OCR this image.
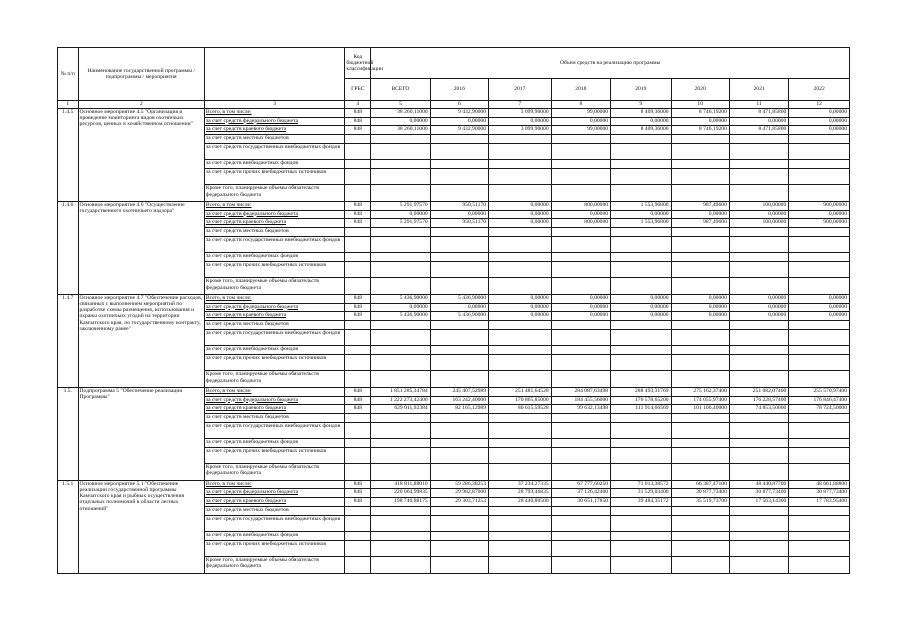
№ п/п	Наименование государственной программы / подпрограммы / мероприятия		Код бюджетной классификации	Объем средств на реализацию программы							
			ГРБС	ВСЕГО	2016	2017	2018	2019	2020	2021	2022
1	2	3	4	5	6	7	8	9	10	11	12
1.4.5	Основное мероприятие 4.5 "Организация и проведение мониторинга видов охотничьих ресурсов, ценных в хозяйственном отношении"	Всего, в том числе:	848	38 260,11000	9 432,90000	3 099,90000	99,00000	8 409,36000	8 746,19200	8 471,85800	0,00000
		за счет средств федерального бюджета	848	0,00000	0,00000	0,00000	0,00000	0,00000	0,00000	0,00000	0,00000
		за счет средств краевого бюджета	848	38 260,11000	9 432,90000	3 099,90000	99,00000	8 409,36000	8 746,19200	8 471,85800	0,00000
		за счет средств местных бюджетов									
		за счет средств государственных внебюджетных фондов									
		за счет средств внебюджетных фондов									
		за счет средств прочих внебюджетных источников									
		Кроме того, планируемые объемы обязательств федерального бюджета									
1.4.6	Основное мероприятие 4.6 "Осуществление государственного охотничьего надзора"	Всего, в том числе:	848	5 291,97570	950,51170	0,00000	800,00000	1 553,96800	987,49600	100,00000	900,00000
		за счет средств федерального бюджета	848	0,00000	0,00000	0,00000	0,00000	0,00000	0,00000	0,00000	0,00000
		за счет средств краевого бюджета	848	5 291,97570	950,51170	0,00000	800,00000	1 553,96800	987,49600	100,00000	900,00000
		за счет средств местных бюджетов									
		за счет средств государственных внебюджетных фондов									
		за счет средств внебюджетных фондов									
		за счет средств прочих внебюджетных источников									
		Кроме того, планируемые объемы обязательств федерального бюджета									
1.4.7	Основное мероприятие 4.7 "Обеспечение расходов, связанных с выполнением мероприятий по разработке схемы размещения, использования и охраны охотничьих угодий на территории Камчатского края, по государственному контракту, заключенному ранее"	Всего, в том числе:	848	5 436,90000	5 436,90000	0,00000	0,00000	0,00000	0,00000	0,00000	0,00000
		за счет средств федерального бюджета	848	0,00000	0,00000	0,00000	0,00000	0,00000	0,00000	0,00000	0,00000
		за счет средств краевого бюджета	848	5 436,90000	5 436,90000	0,00000	0,00000	0,00000	0,00000	0,00000	0,00000
		за счет средств местных бюджетов									
		за счет средств государственных внебюджетных фондов									
		за счет средств внебюджетных фондов									
		за счет средств прочих внебюджетных источников									
		Кроме того, планируемые объемы обязательств федерального бюджета									
1.5.	Подпрограмма 5 "Обеспечение реализации Программы"	Всего, в том числе:	848	1 851 285,34784	245 407,52989	251 481,64528	284 087,63498	288 493,31769	275 162,37400	251 082,07400	255 570,97400
		за счет средств федерального бюджета	848	1 222 273,42400	163 242,40000	170 865,85000	184 455,56000	176 578,65200	174 055,97400	176 228,57400	176 846,47400
		за счет средств краевого бюджета	848	629 011,92384	82 165,12989	80 615,59528	99 632,13498	111 914,66569	101 106,40000	74 853,50000	78 724,50000
		за счет средств местных бюджетов									
		за счет средств государственных внебюджетных фондов									
		за счет средств внебюджетных фондов									
		за счет средств прочих внебюджетных источников									
		Кроме того, планируемые объемы обязательств федерального бюджета									
1.5.1	Основное мероприятие 5.1 "Обеспечение реализации государственной программы Камчатского края и рыбных осуществления отдельных полномочий в области лесных отношений"	Всего, в том числе:	848	418 811,88010	59 286,38253	37 234,27335	67 777,60250	71 013,38572	66 387,47100	48 440,87700	48 661,88800
		за счет средств федерального бюджета	848	220 064,99835	29 982,87000	28 793,46835	37 126,42400	31 529,03400	30 877,73400	30 877,73400	30 877,73400
		за счет средств краевого бюджета	848	198 746,88175	29 303,71253	28 440,80500	30 651,17850	39 484,35172	35 519,73700	17 563,14300	17 783,95400
		за счет средств местных бюджетов									
		за счет средств государственных внебюджетных фондов									
		за счет средств внебюджетных фондов									
		за счет средств прочих внебюджетных источников									
		Кроме того, планируемые объемы обязательств федерального бюджета									
